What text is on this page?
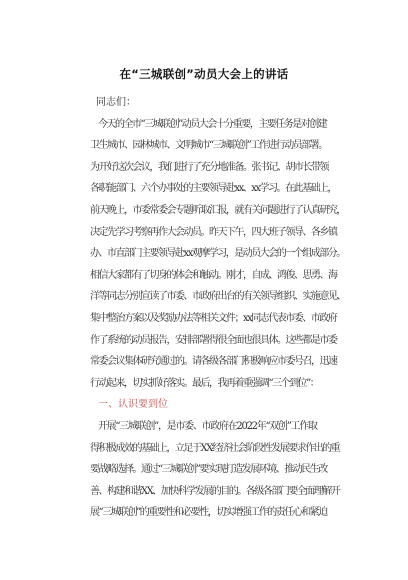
在“三城联创”动员大会上的讲话
同志们：
今天的全市“三城联创”动员大会十分重要，主要任务是对创建
卫生城市、园林城市、文明城市“三城联创”工作进行动员部署。
为开好这次会议，我们进行了充分地准备。张书记、胡市长带领
各职能部门、六个办事处的主要领导赴xx、xx学习。在此基础上，
前天晚上，市委常委会专题听取汇报，就有关问题进行了认真研究，
决定先学习考察再作大会动员。昨天下午，四大班子领导、各乡镇
办、市直部门主要领导赴xx观摩学习，是动员大会的一个组成部分。
相信大家都有了切身的体会和触动。刚才，自成、鸿俊、思勇、海
洋等同志分别宣读了市委、市政府出台的有关领导组织、实施意见、
集中整治方案以及奖励办法等相关文件；xx同志代表市委、市政府
作了系统的动员报告，安排部署得很全面也很具体。这些都是市委
常委会议集体研究通过的。请各级各部门积极响应市委号召，迅速
行动起来，切实抓好落实。最后，我再着重强调“三个到位”：
一、认识要到位
开展“三城联创”，是市委、市政府在2022年“双创”工作取
得积极成效的基础上，立足于XX经济社会阶段性发展要求作出的重
要战略选择。通过“三城联创”要实现打造发展环境、推动民生改
善、构建和谐XX、加快科学发展的目的。各级各部门要全面理解开
展“三城联创”的重要性和必要性，切实增强工作的责任心和紧迫
